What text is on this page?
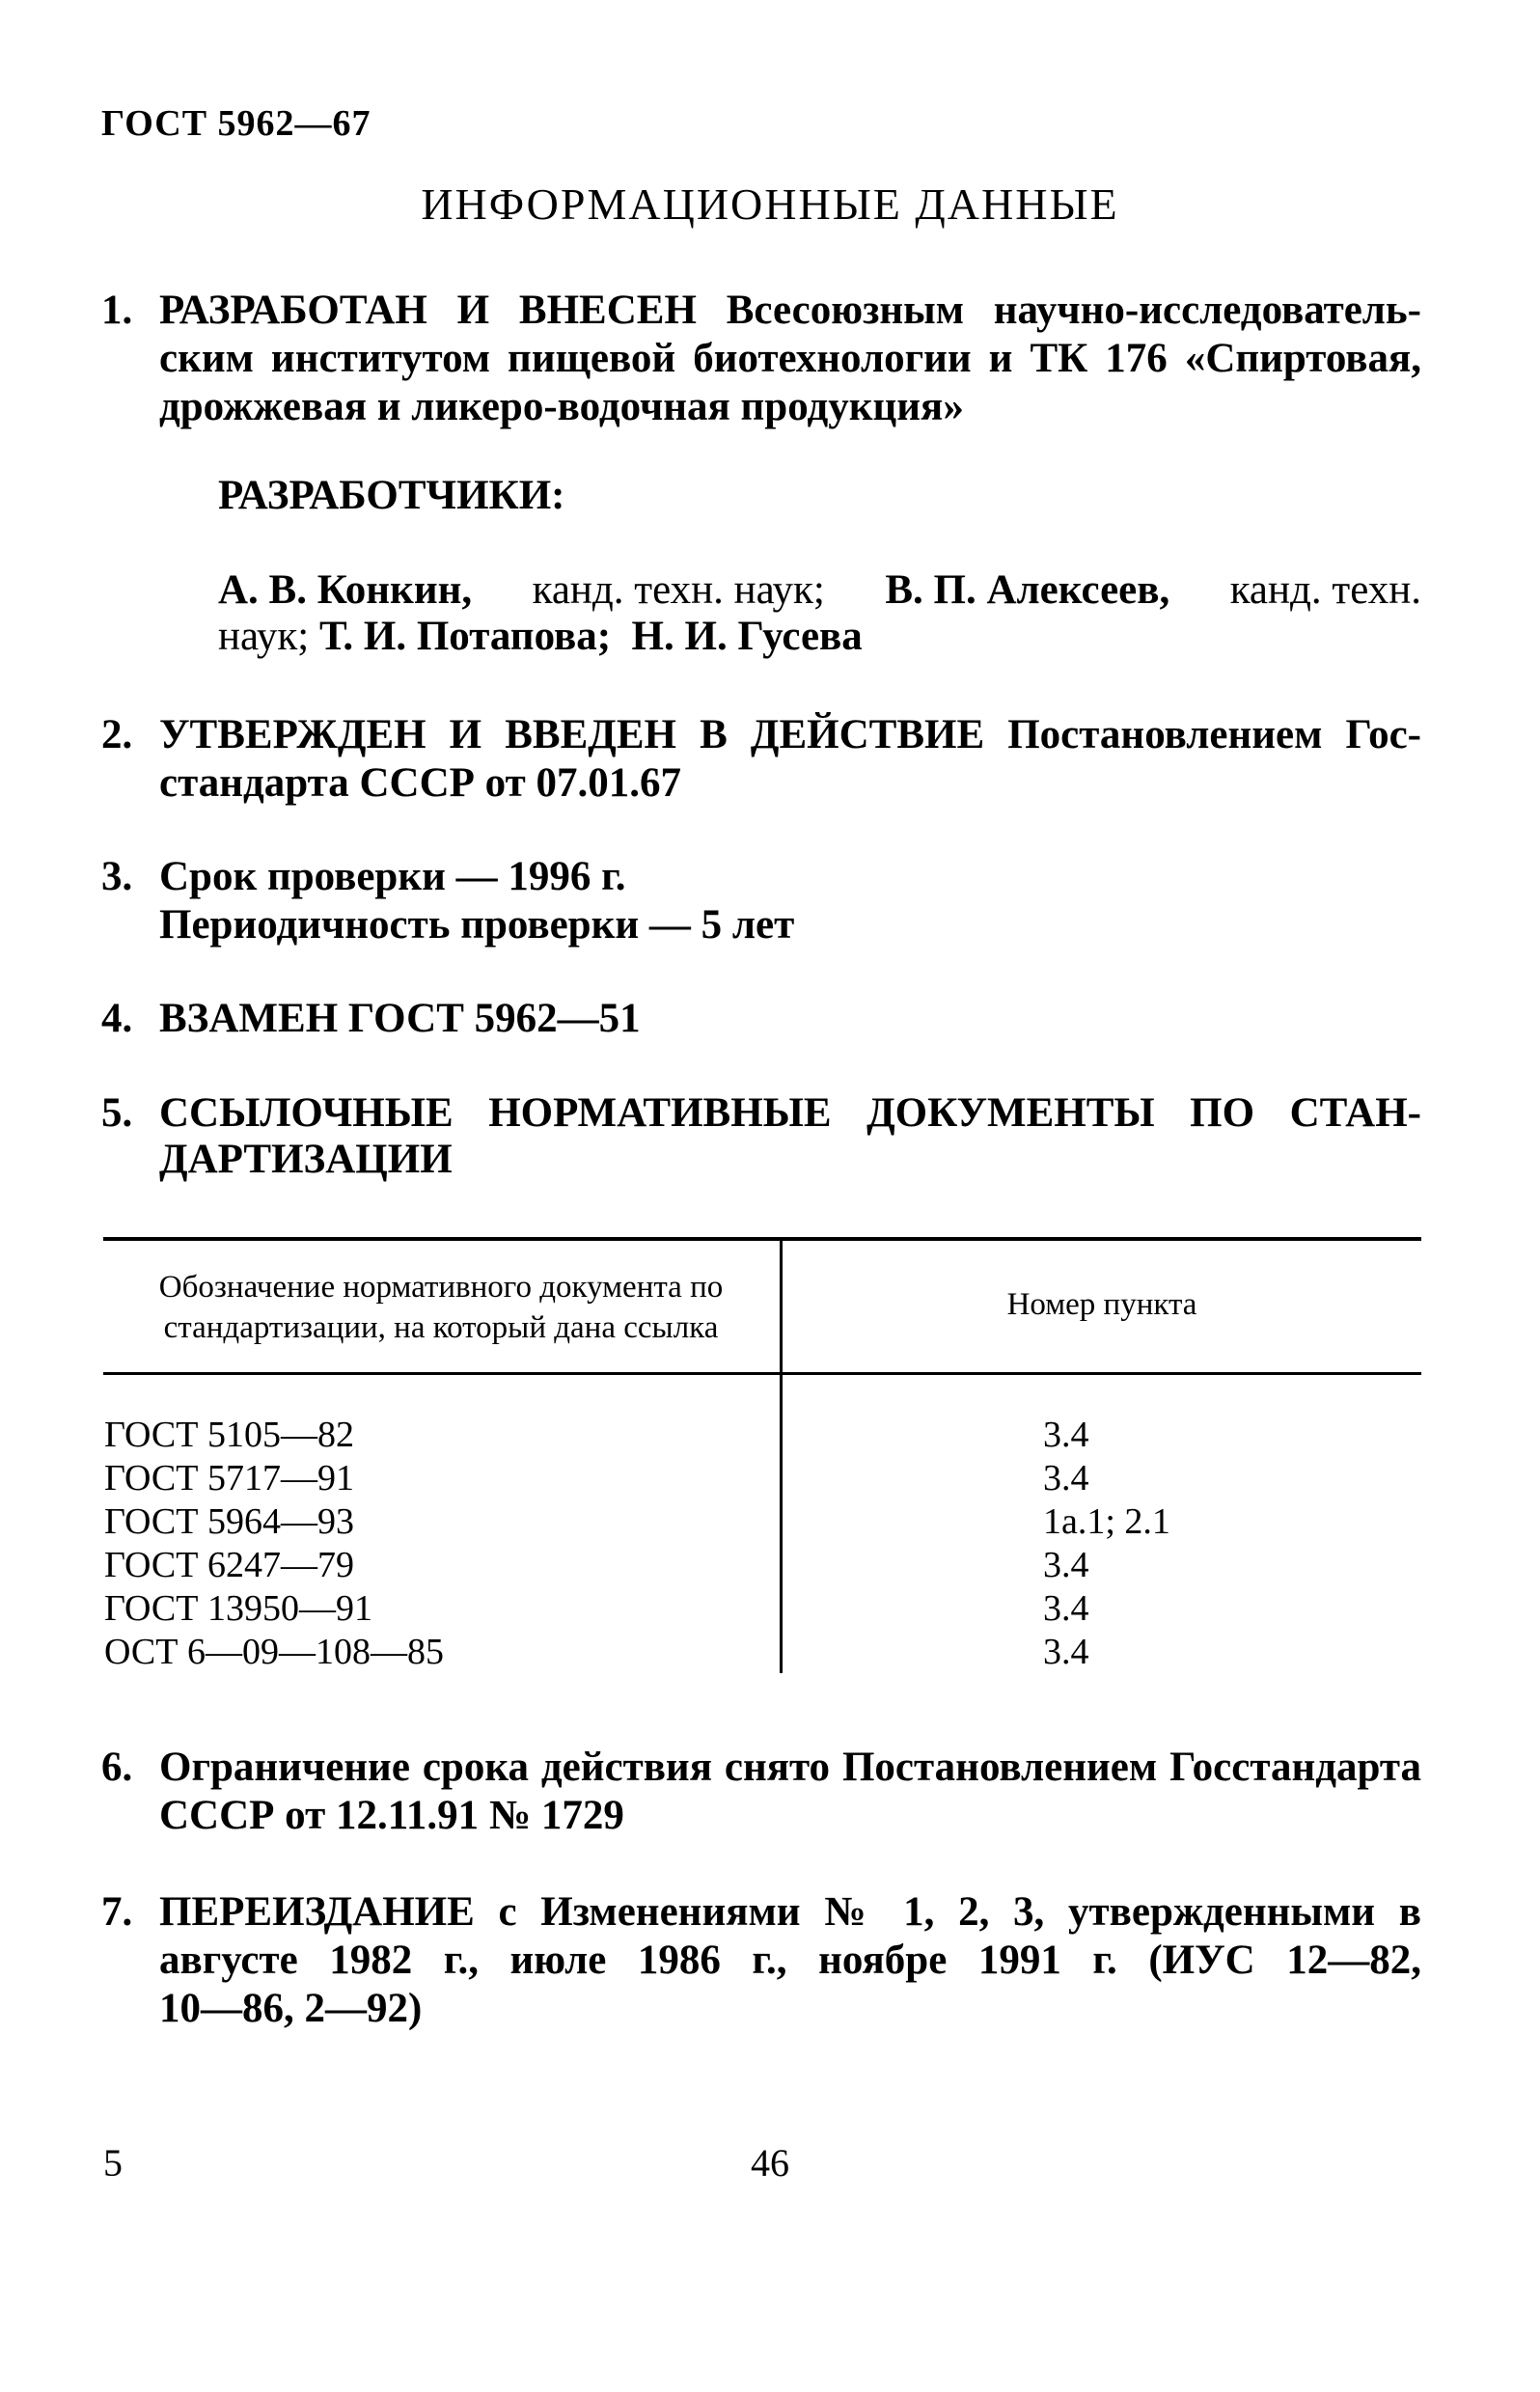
ГОСТ 5962—67
ИНФОРМАЦИОННЫЕ ДАННЫЕ
1. РАЗРАБОТАН И ВНЕСЕН Всесоюзным научно-исследователь-
ским институтом пищевой биотехнологии и ТК 176 «Спиртовая,
дрожжевая и ликеро-водочная продукция»
РАЗРАБОТЧИКИ:
А. В. Конкин, канд. техн. наук; В. П. Алексеев, канд. техн.
наук; Т. И. Потапова; Н. И. Гусева
2. УТВЕРЖДЕН И ВВЕДЕН В ДЕЙСТВИЕ Постановлением Гос-
стандарта СССР от 07.01.67
3. Срок проверки — 1996 г.
Периодичность проверки — 5 лет
4. ВЗАМЕН ГОСТ 5962—51
5. ССЫЛОЧНЫЕ НОРМАТИВНЫЕ ДОКУМЕНТЫ ПО СТАН-
ДАРТИЗАЦИИ
Обозначение нормативного документа по
стандартизации, на который дана ссылка
Номер пункта
ГОСТ 5105—82	3.4
ГОСТ 5717—91	3.4
ГОСТ 5964—93	1a.1; 2.1
ГОСТ 6247—79	3.4
ГОСТ 13950—91	3.4
ОСТ 6—09—108—85	3.4
6. Ограничение срока действия снято Постановлением Госстандарта
СССР от 12.11.91 № 1729
7. ПЕРЕИЗДАНИЕ с Изменениями № 1, 2, 3, утвержденными в
августе 1982 г., июле 1986 г., ноябре 1991 г. (ИУС 12—82,
10—86, 2—92)
5	46
